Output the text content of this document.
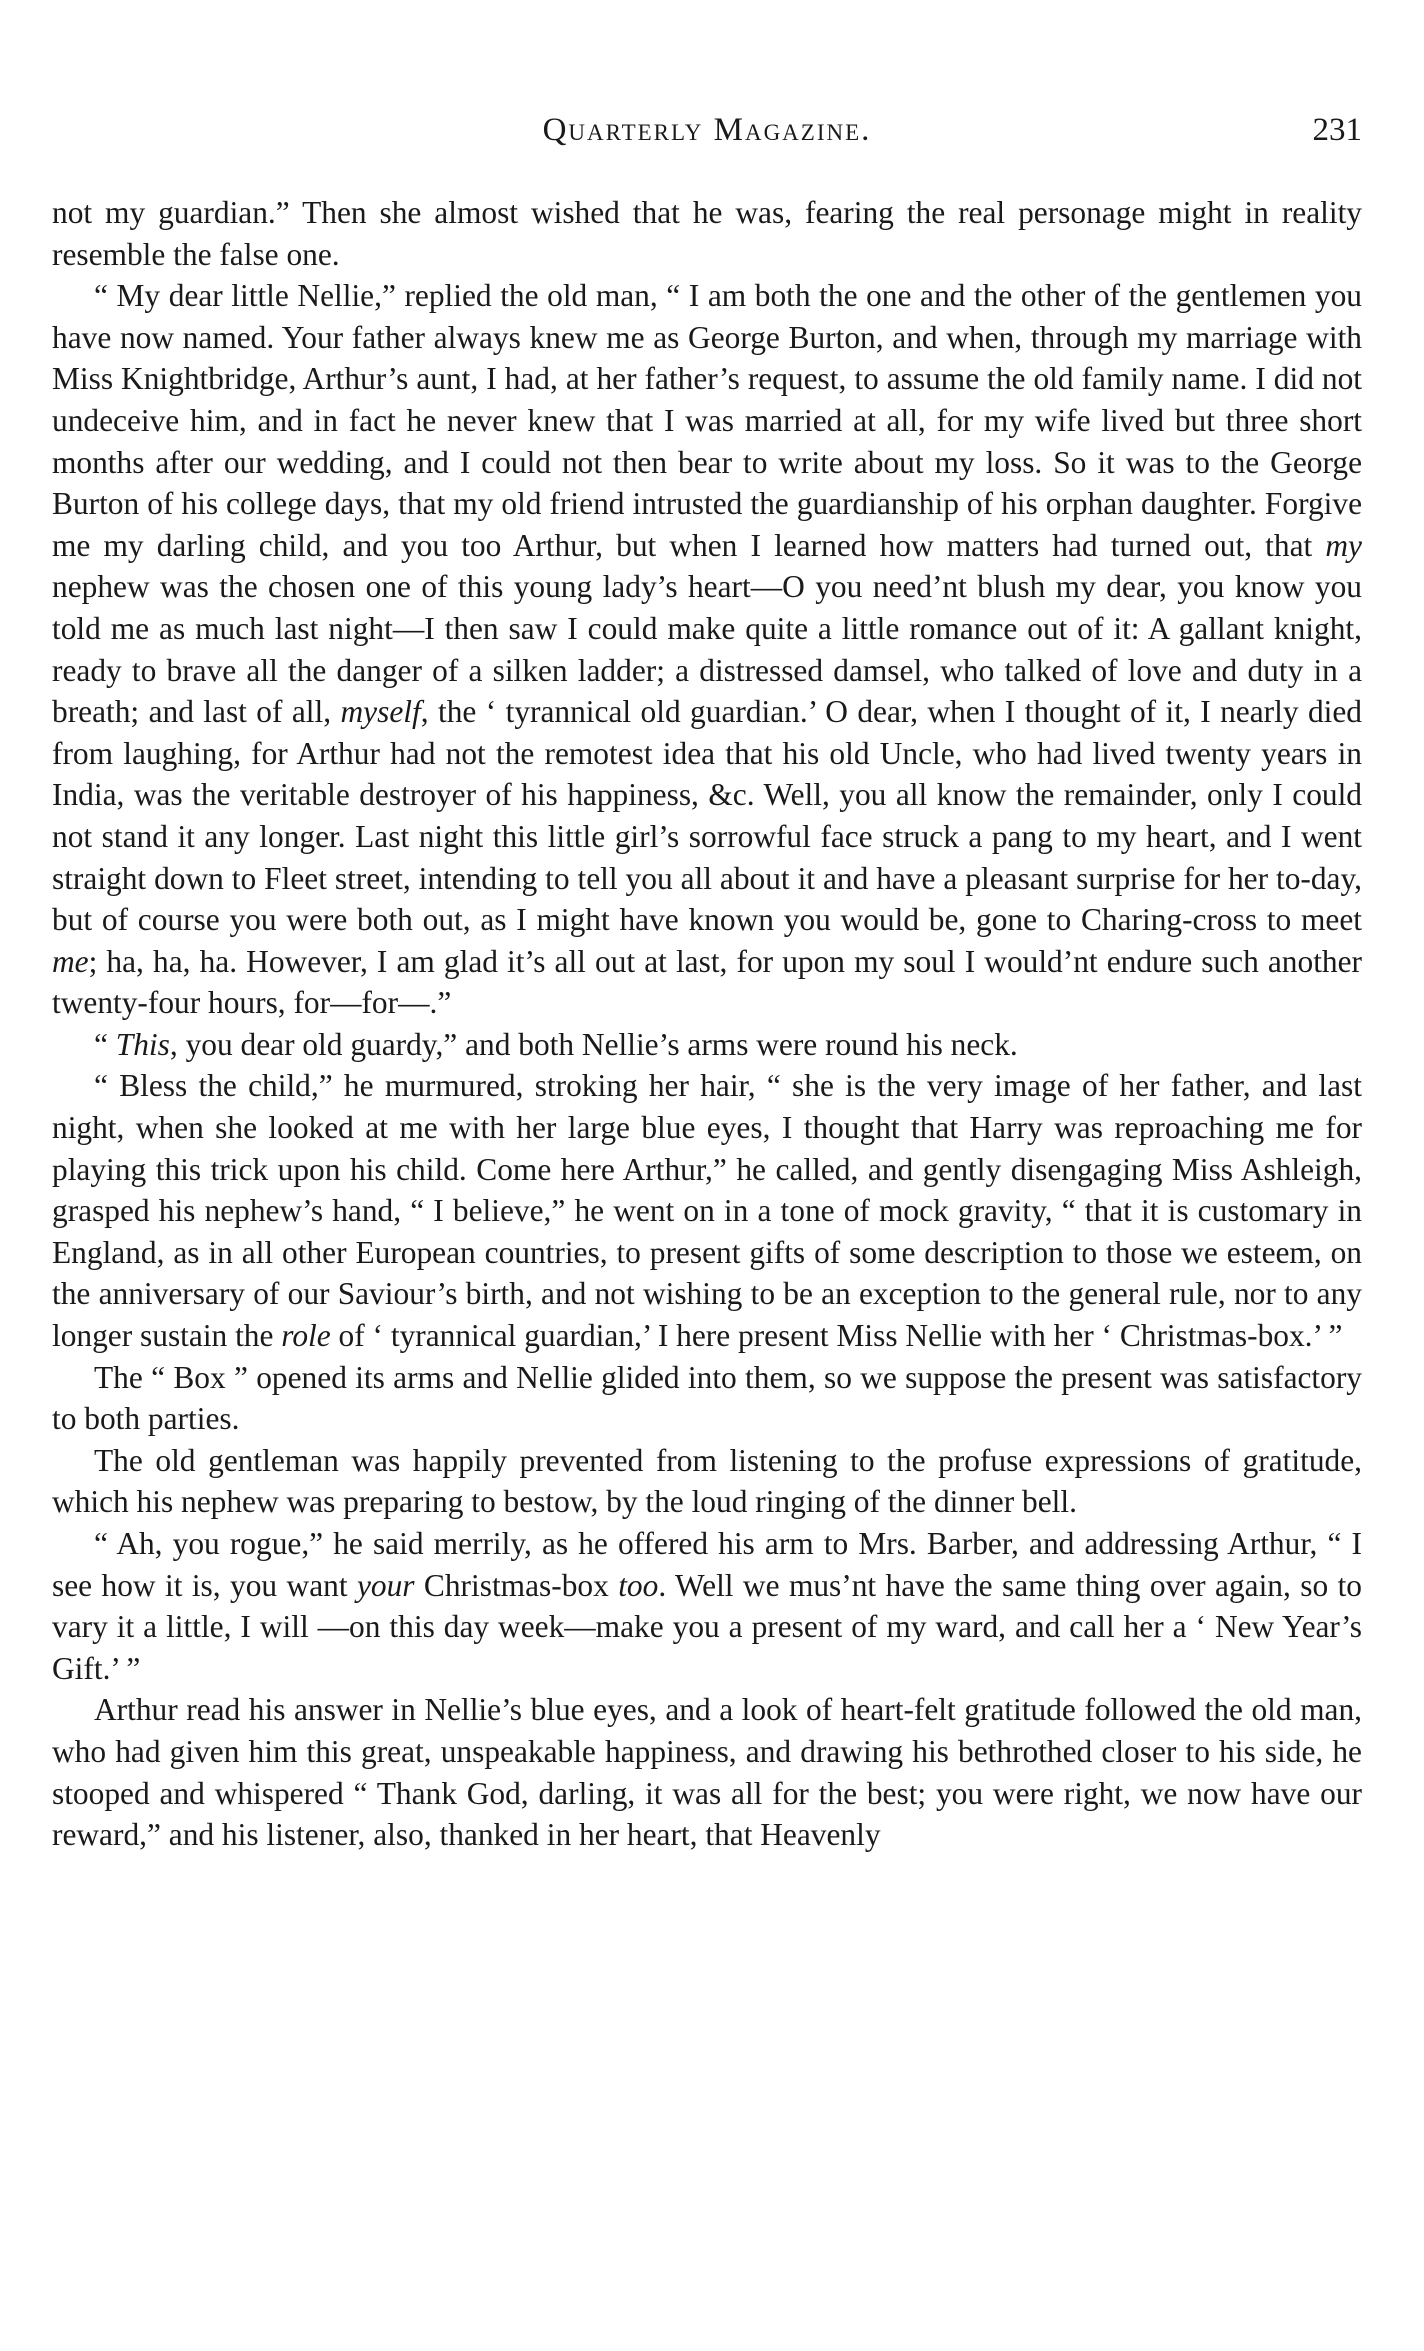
Quarterly Magazine.	231

not my guardian.” Then she almost wished that he was, fearing the real personage might in reality resemble the false one.

“ My dear little Nellie,” replied the old man, “ I am both the one and the other of the gentlemen you have now named. Your father always knew me as George Burton, and when, through my marriage with Miss Knightbridge, Arthur’s aunt, I had, at her father’s request, to assume the old family name. I did not undeceive him, and in fact he never knew that I was married at all, for my wife lived but three short months after our wedding, and I could not then bear to write about my loss. So it was to the George Burton of his college days, that my old friend intrusted the guardianship of his orphan daughter. Forgive me my darling child, and you too Arthur, but when I learned how matters had turned out, that my nephew was the chosen one of this young lady’s heart—O you need’nt blush my dear, you know you told me as much last night—I then saw I could make quite a little romance out of it: A gallant knight, ready to brave all the danger of a silken ladder; a distressed damsel, who talked of love and duty in a breath; and last of all, myself, the ‘ tyrannical old guardian.’ O dear, when I thought of it, I nearly died from laughing, for Arthur had not the remotest idea that his old Uncle, who had lived twenty years in India, was the veritable destroyer of his happiness, &c. Well, you all know the remainder, only I could not stand it any longer. Last night this little girl’s sorrowful face struck a pang to my heart, and I went straight down to Fleet street, intending to tell you all about it and have a pleasant surprise for her to-day, but of course you were both out, as I might have known you would be, gone to Charing-cross to meet me; ha, ha, ha. However, I am glad it’s all out at last, for upon my soul I would’nt endure such another twenty-four hours, for—for—.”

“ This, you dear old guardy,” and both Nellie’s arms were round his neck.

“ Bless the child,” he murmured, stroking her hair, “ she is the very image of her father, and last night, when she looked at me with her large blue eyes, I thought that Harry was reproaching me for playing this trick upon his child. Come here Arthur,” he called, and gently disengaging Miss Ashleigh, grasped his nephew’s hand, “ I believe,” he went on in a tone of mock gravity, “ that it is customary in England, as in all other European countries, to present gifts of some description to those we esteem, on the anniversary of our Saviour’s birth, and not wishing to be an exception to the general rule, nor to any longer sustain the role of ‘ tyrannical guardian,’ I here present Miss Nellie with her ‘ Christmas-box.’ ”

The “ Box ” opened its arms and Nellie glided into them, so we suppose the present was satisfactory to both parties.

The old gentleman was happily prevented from listening to the profuse expressions of gratitude, which his nephew was preparing to bestow, by the loud ringing of the dinner bell.

“ Ah, you rogue,” he said merrily, as he offered his arm to Mrs. Barber, and addressing Arthur, “ I see how it is, you want your Christmas-box too. Well we mus’nt have the same thing over again, so to vary it a little, I will —on this day week—make you a present of my ward, and call her a ‘ New Year’s Gift.’ ”

Arthur read his answer in Nellie’s blue eyes, and a look of heart-felt gratitude followed the old man, who had given him this great, unspeakable happiness, and drawing his bethrothed closer to his side, he stooped and whispered “ Thank God, darling, it was all for the best; you were right, we now have our reward,” and his listener, also, thanked in her heart, that Heavenly
